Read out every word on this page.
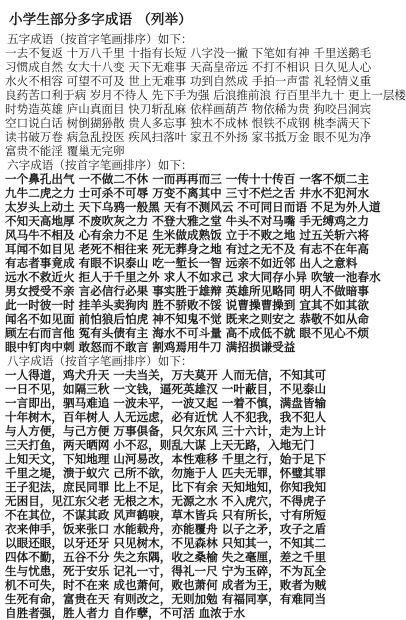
小学生部分多字成语 （列举）
五字成语（按首字笔画排序）如下：
一去不复返 十万八千里 十指有长短 八字没一撇 下笔如有神 千里送鹅毛
习惯成自然 女大十八变 天下无难事 天高皇帝远 不打不相识 日久见人心
水火不相容 可望不可及 世上无难事 功到自然成 手拍一声雷 礼轻情义重
良药苦口利于病 岁月不待人 先下手为强 后浪推前浪 行百里半九十 更上一层楼
时势造英雄 庐山真面目 快刀斩乱麻 依样画葫芦 物依稀为贵 狗咬吕洞宾
空口说白话 树倒猢狲散 贵人多忘事 独木不成林 恨铁不成钢 桃李满天下
读书破万卷 病急乱投医 疾风扫落叶 家丑不外扬 家书抵万金 眼不见为净
富贵不能淫 覆巢无完卵
六字成语（按首字笔画排序）如下：
一个鼻孔出气 一不做二不休 一而再再而三 一传十十传百 一客不烦二主
九牛二虎之力 士可杀不可辱 万变不离其中 三寸不烂之舌 井水不犯河水
太岁头上动土 天下乌鸦一般黑 天有不测风云 不可同日而语 不足为外人道
不知天高地厚 不废吹灰之力 不登大雅之堂 牛头不对马嘴 手无缚鸡之力
风马牛不相及 心有余力不足 生米做成熟饭 立于不败之地 过五关斩六将
耳闻不如目见 老死不相往来 死无葬身之地 有过之无不及 有志不在年高
有志者事竟成 有眼不识泰山 吃一堑长一智 远亲不如近邻 出人之意料
远水不救近火 拒人于千里之外 求人不如求己 求大同存小异 吹皱一池春水
男女授受不亲 言必信行必果 事实胜于雄辩 英雄所见略同 明人不做暗事
此一时彼一时 挂羊头卖狗肉 胜不骄败不馁 说曹操曹操到 宜其不如其欲
闻名不如见面 前怕狼后怕虎 神不知鬼不觉 既来之则安之 恭敬不如从命
顾左右而言他 冤有头债有主 海水不可斗量 高不成低不就 眼不见心不烦
眼中钉肉中刺 敢怒而不敢言 割鸡焉用牛刀 满招损谦受益
八字成语（按首字笔画排序）如下：
一人得道，鸡犬升天 一夫当关，万夫莫开 人而无信，不知其可
一日不见，如隔三秋 一文钱，逼死英雄汉 一叶蔽目，不见泰山
一言即出，驷马难追 一波未平，一波又起 一着不慎，满盘皆输
十年树木，百年树人 人无远虑，必有近忧 人不犯我，我不犯人
与人方便，与己方便 万事俱备，只欠东风 三十六计，走为上计
三天打鱼，两天晒网 小不忍，则乱大谋 上天无路，入地无门
上知天文，下知地理 山河易改，本性难移 千里之行，始于足下
千里之堤，溃于蚁穴 己所不欲，勿施于人 匹夫无罪，怀璧其罪
王子犯法，庶民同罪 比上不足，比下有余 天知地知，你知我知
无困目，见江东父老 无根之木，无源之水 不入虎穴，不得虎子
不在其位，不谋其政 风声鹤唳，草木皆兵 只有所长，寸有所短
衣来伸手，饭来张口 水能载舟，亦能覆舟 以子之矛，攻子之盾
以眼还眼，以牙还牙 只见树木，不见森林 只知其一，不知其二
四体不勤，五谷不分 失之东隅，收之桑榆 失之毫厘，差之千里
生与忧患，死于安乐 记礼一寸，得礼一尺 宁为玉碎，不为瓦全
机不可失，时不在来 成也萧何，败也萧何 成者为王，败者为贼
生死有命，富贵在天 有则改之，无则加勉 有福同享，有难同当
自胜者强，胜人者力 自作孽，不可活 血浓于水
